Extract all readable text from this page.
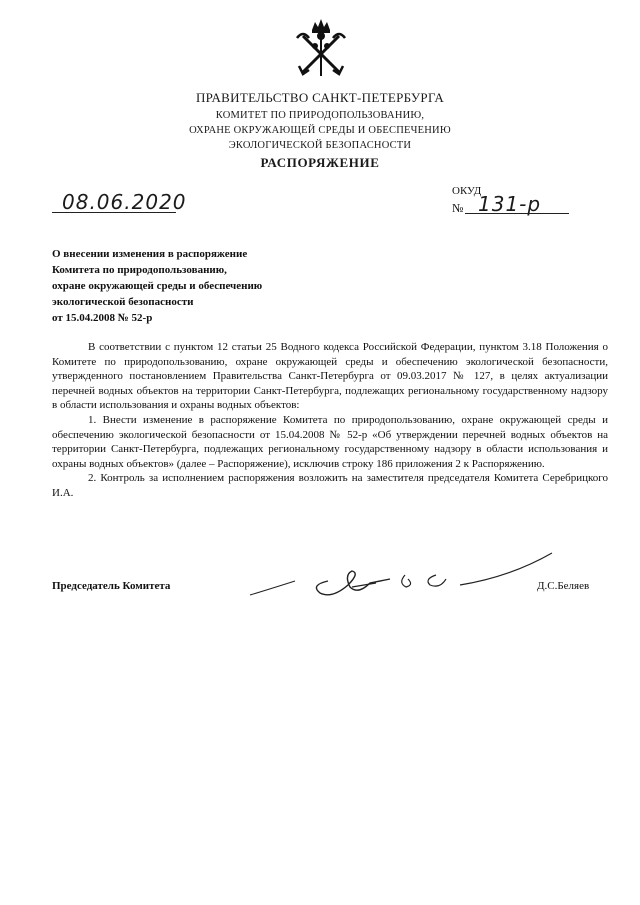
ПРАВИТЕЛЬСТВО САНКТ-ПЕТЕРБУРГА
КОМИТЕТ ПО ПРИРОДОПОЛЬЗОВАНИЮ,
ОХРАНЕ ОКРУЖАЮЩЕЙ СРЕДЫ И ОБЕСПЕЧЕНИЮ
ЭКОЛОГИЧЕСКОЙ БЕЗОПАСНОСТИ
РАСПОРЯЖЕНИЕ
08.06.2020	ОКУД
№ 131-р
О внесении изменения в распоряжение
Комитета по природопользованию,
охране окружающей среды и обеспечению
экологической безопасности
от 15.04.2008 № 52-р

В соответствии с пунктом 12 статьи 25 Водного кодекса Российской Федерации, пунктом 3.18 Положения о Комитете по природопользованию, охране окружающей среды и обеспечению экологической безопасности, утвержденного постановлением Правительства Санкт-Петербурга от 09.03.2017 № 127, в целях актуализации перечней водных объектов на территории Санкт-Петербурга, подлежащих региональному государственному надзору в области использования и охраны водных объектов:

1. Внести изменение в распоряжение Комитета по природопользованию, охране окружающей среды и обеспечению экологической безопасности от 15.04.2008 № 52-р «Об утверждении перечней водных объектов на территории Санкт-Петербурга, подлежащих региональному государственному надзору в области использования и охраны водных объектов» (далее – Распоряжение), исключив строку 186 приложения 2 к Распоряжению.

2. Контроль за исполнением распоряжения возложить на заместителя председателя Комитета Серебрицкого И.А.

Председатель Комитета	Д.С.Беляев
